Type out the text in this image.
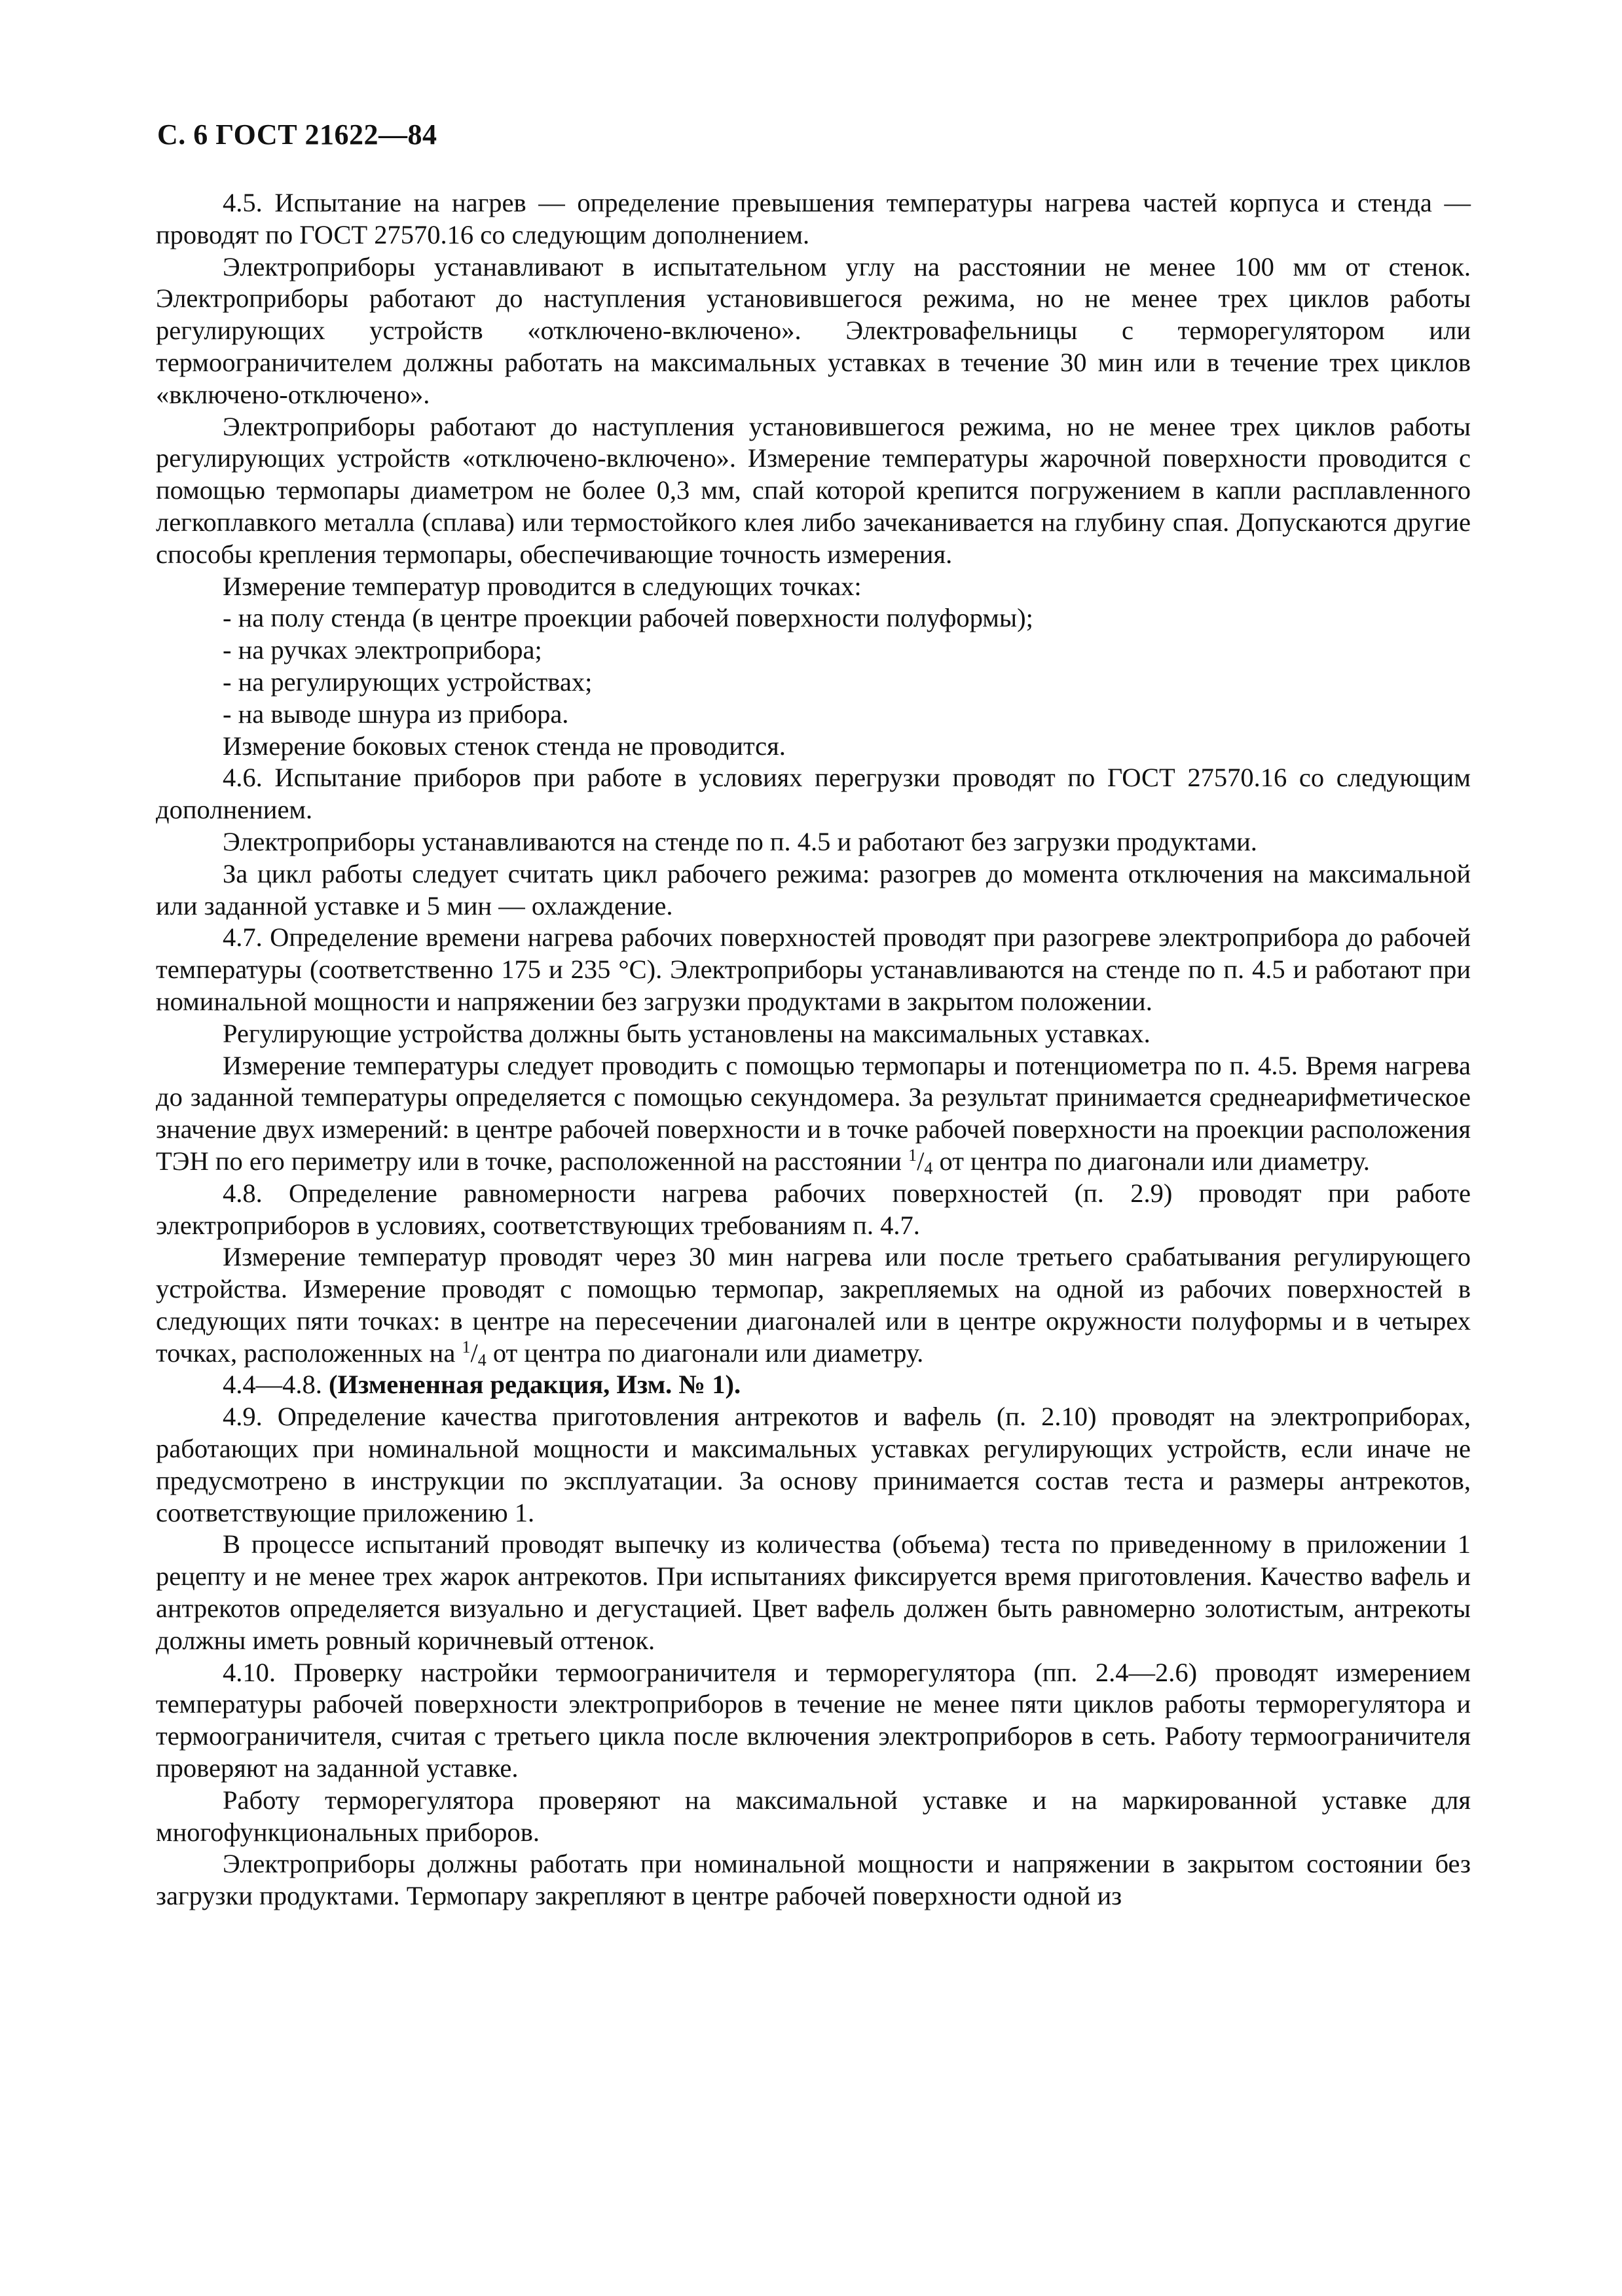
С. 6 ГОСТ 21622—84

4.5. Испытание на нагрев — определение превышения температуры нагрева частей корпуса и стенда — проводят по ГОСТ 27570.16 со следующим дополнением.

Электроприборы устанавливают в испытательном углу на расстоянии не менее 100 мм от стенок. Электроприборы работают до наступления установившегося режима, но не менее трех циклов работы регулирующих устройств «отключено-включено». Электровафельницы с терморегулятором или термоограничителем должны работать на максимальных уставках в течение 30 мин или в течение трех циклов «включено-отключено».

Электроприборы работают до наступления установившегося режима, но не менее трех циклов работы регулирующих устройств «отключено-включено». Измерение температуры жарочной поверхности проводится с помощью термопары диаметром не более 0,3 мм, спай которой крепится погружением в капли расплавленного легкоплавкого металла (сплава) или термостойкого клея либо зачеканивается на глубину спая. Допускаются другие способы крепления термопары, обеспечивающие точность измерения.

Измерение температур проводится в следующих точках:

- на полу стенда (в центре проекции рабочей поверхности полуформы);

- на ручках электроприбора;

- на регулирующих устройствах;

- на выводе шнура из прибора.

Измерение боковых стенок стенда не проводится.

4.6. Испытание приборов при работе в условиях перегрузки проводят по ГОСТ 27570.16 со следующим дополнением.

Электроприборы устанавливаются на стенде по п. 4.5 и работают без загрузки продуктами.

За цикл работы следует считать цикл рабочего режима: разогрев до момента отключения на максимальной или заданной уставке и 5 мин — охлаждение.

4.7. Определение времени нагрева рабочих поверхностей проводят при разогреве электроприбора до рабочей температуры (соответственно 175 и 235 °С). Электроприборы устанавливаются на стенде по п. 4.5 и работают при номинальной мощности и напряжении без загрузки продуктами в закрытом положении.

Регулирующие устройства должны быть установлены на максимальных уставках.

Измерение температуры следует проводить с помощью термопары и потенциометра по п. 4.5. Время нагрева до заданной температуры определяется с помощью секундомера. За результат принимается среднеарифметическое значение двух измерений: в центре рабочей поверхности и в точке рабочей поверхности на проекции расположения ТЭН по его периметру или в точке, расположенной на расстоянии $^1/_4$ от центра по диагонали или диаметру.

4.8. Определение равномерности нагрева рабочих поверхностей (п. 2.9) проводят при работе электроприборов в условиях, соответствующих требованиям п. 4.7.

Измерение температур проводят через 30 мин нагрева или после третьего срабатывания регулирующего устройства. Измерение проводят с помощью термопар, закрепляемых на одной из рабочих поверхностей в следующих пяти точках: в центре на пересечении диагоналей или в центре окружности полуформы и в четырех точках, расположенных на $^1/_4$ от центра по диагонали или диаметру.

4.4—4.8. (Измененная редакция, Изм. № 1).

4.9. Определение качества приготовления антрекотов и вафель (п. 2.10) проводят на электроприборах, работающих при номинальной мощности и максимальных уставках регулирующих устройств, если иначе не предусмотрено в инструкции по эксплуатации. За основу принимается состав теста и размеры антрекотов, соответствующие приложению 1.

В процессе испытаний проводят выпечку из количества (объема) теста по приведенному в приложении 1 рецепту и не менее трех жарок антрекотов. При испытаниях фиксируется время приготовления. Качество вафель и антрекотов определяется визуально и дегустацией. Цвет вафель должен быть равномерно золотистым, антрекоты должны иметь ровный коричневый оттенок.

4.10. Проверку настройки термоограничителя и терморегулятора (пп. 2.4—2.6) проводят измерением температуры рабочей поверхности электроприборов в течение не менее пяти циклов работы терморегулятора и термоограничителя, считая с третьего цикла после включения электроприборов в сеть. Работу термоограничителя проверяют на заданной уставке.

Работу терморегулятора проверяют на максимальной уставке и на маркированной уставке для многофункциональных приборов.

Электроприборы должны работать при номинальной мощности и напряжении в закрытом состоянии без загрузки продуктами. Термопару закрепляют в центре рабочей поверхности одной из
